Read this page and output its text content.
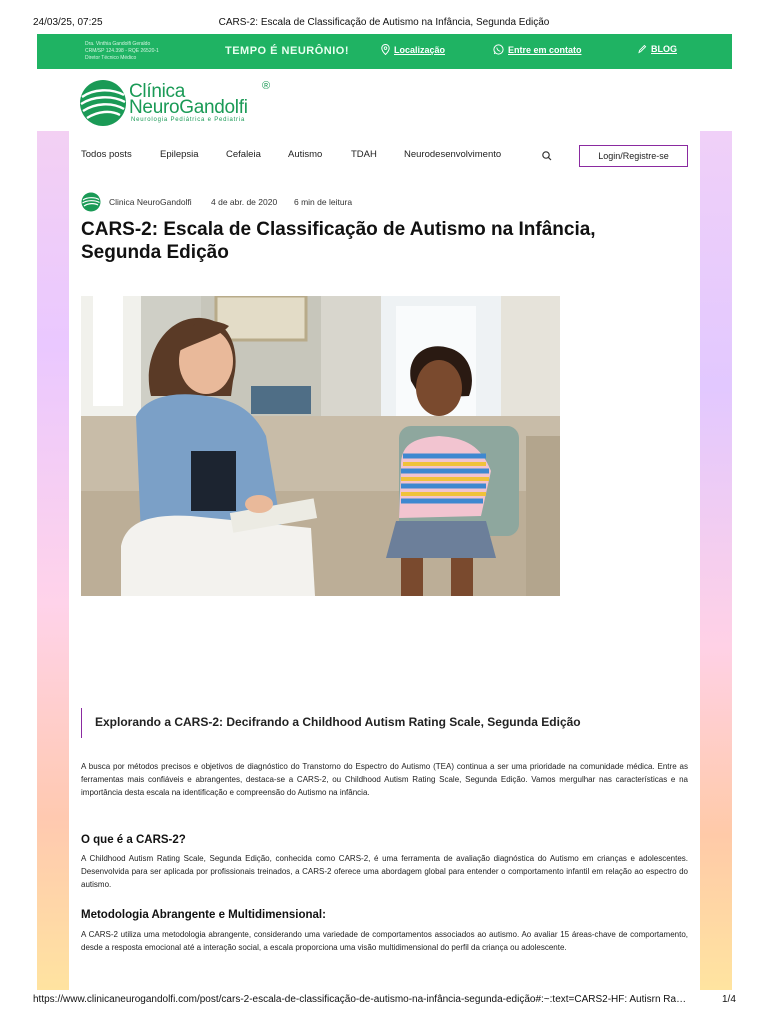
24/03/25, 07:25	CARS-2: Escala de Classificação de Autismo na Infância, Segunda Edição
Dra. Vinthia Gandolfi Geraldo
CRM/SP 124.398 - RQE 26520-1
Diretor Técnico Médico
TEMPO É NEURÔNIO!	Localização	Entre em contato	BLOG
Clínica
NeuroGandolfi
®
Neurologia Pediátrica e Pediatria
Todos posts	Epilepsia	Cefaleia	Autismo	TDAH	Neurodesenvolvimento	Login/Registre-se
Clinica NeuroGandolfi 4 de abr. de 2020 6 min de leitura
CARS-2: Escala de Classificação de Autismo na Infância, Segunda Edição
Explorando a CARS-2: Decifrando a Childhood Autism Rating Scale, Segunda Edição

A busca por métodos precisos e objetivos de diagnóstico do Transtorno do Espectro do Autismo (TEA) continua a ser uma prioridade na comunidade médica. Entre as ferramentas mais confiáveis e abrangentes, destaca-se a CARS-2, ou Childhood Autism Rating Scale, Segunda Edição. Vamos mergulhar nas características e na importância desta escala na identificação e compreensão do Autismo na infância.

O que é a CARS-2?

A Childhood Autism Rating Scale, Segunda Edição, conhecida como CARS-2, é uma ferramenta de avaliação diagnóstica do Autismo em crianças e adolescentes. Desenvolvida para ser aplicada por profissionais treinados, a CARS-2 oferece uma abordagem global para entender o comportamento infantil em relação ao espectro do autismo.

Metodologia Abrangente e Multidimensional:

A CARS-2 utiliza uma metodologia abrangente, considerando uma variedade de comportamentos associados ao autismo. Ao avaliar 15 áreas-chave de comportamento, desde a resposta emocional até a interação social, a escala proporciona uma visão multidimensional do perfil da criança ou adolescente.

https://www.clinicaneurogandolfi.com/post/cars-2-escala-de-classificação-de-autismo-na-infância-segunda-edição#:~:text=CARS2-HF: Autisrn Ra…	1/4
